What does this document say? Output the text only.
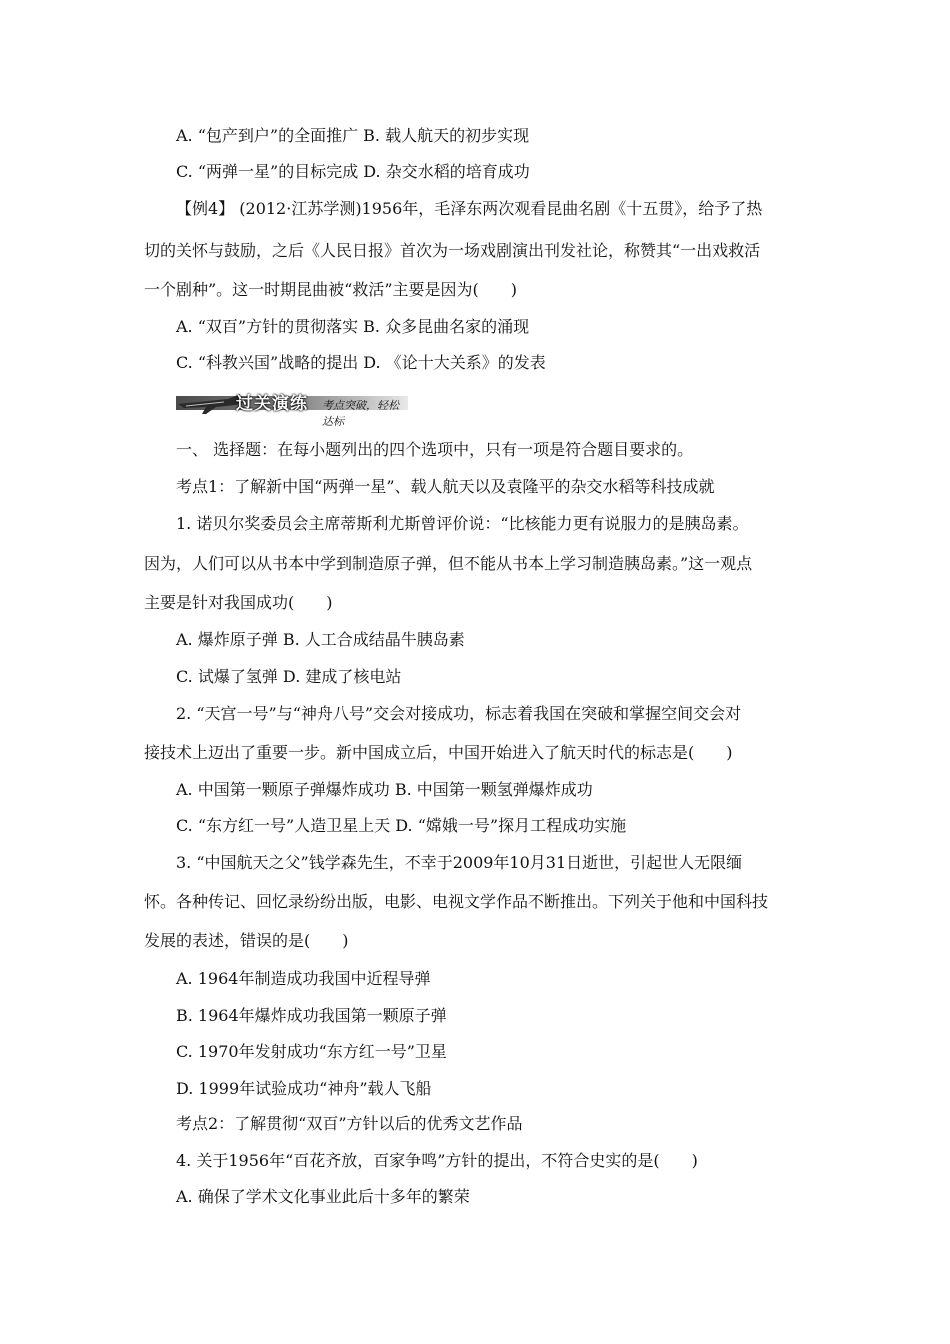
A. “包产到户”的全面推广 B. 载人航天的初步实现
C. “两弹一星”的目标完成 D. 杂交水稻的培育成功
【例4】 (2012·江苏学测)1956年，毛泽东两次观看昆曲名剧《十五贯》，给予了热
切的关怀与鼓励，之后《人民日报》首次为一场戏剧演出刊发社论，称赞其“一出戏救活
一个剧种”。这一时期昆曲被“救活”主要是因为(　　)
A. “双百”方针的贯彻落实 B. 众多昆曲名家的涌现
C. “科教兴国”战略的提出 D. 《论十大关系》的发表
过关演练 考点突破，轻松达标
一、 选择题：在每小题列出的四个选项中，只有一项是符合题目要求的。
考点1：了解新中国“两弹一星”、载人航天以及袁隆平的杂交水稻等科技成就
1. 诺贝尔奖委员会主席蒂斯利尤斯曾评价说：“比核能力更有说服力的是胰岛素。
因为，人们可以从书本中学到制造原子弹，但不能从书本上学习制造胰岛素。”这一观点
主要是针对我国成功(　　)
A. 爆炸原子弹 B. 人工合成结晶牛胰岛素
C. 试爆了氢弹 D. 建成了核电站
2. “天宫一号”与“神舟八号”交会对接成功，标志着我国在突破和掌握空间交会对
接技术上迈出了重要一步。新中国成立后，中国开始进入了航天时代的标志是(　　)
A. 中国第一颗原子弹爆炸成功 B. 中国第一颗氢弹爆炸成功
C. “东方红一号”人造卫星上天 D. “嫦娥一号”探月工程成功实施
3. “中国航天之父”钱学森先生，不幸于2009年10月31日逝世，引起世人无限缅
怀。各种传记、回忆录纷纷出版，电影、电视文学作品不断推出。下列关于他和中国科技
发展的表述，错误的是(　　)
A. 1964年制造成功我国中近程导弹
B. 1964年爆炸成功我国第一颗原子弹
C. 1970年发射成功“东方红一号”卫星
D. 1999年试验成功“神舟”载人飞船
考点2：了解贯彻“双百”方针以后的优秀文艺作品
4. 关于1956年“百花齐放，百家争鸣”方针的提出，不符合史实的是(　　)
A. 确保了学术文化事业此后十多年的繁荣
